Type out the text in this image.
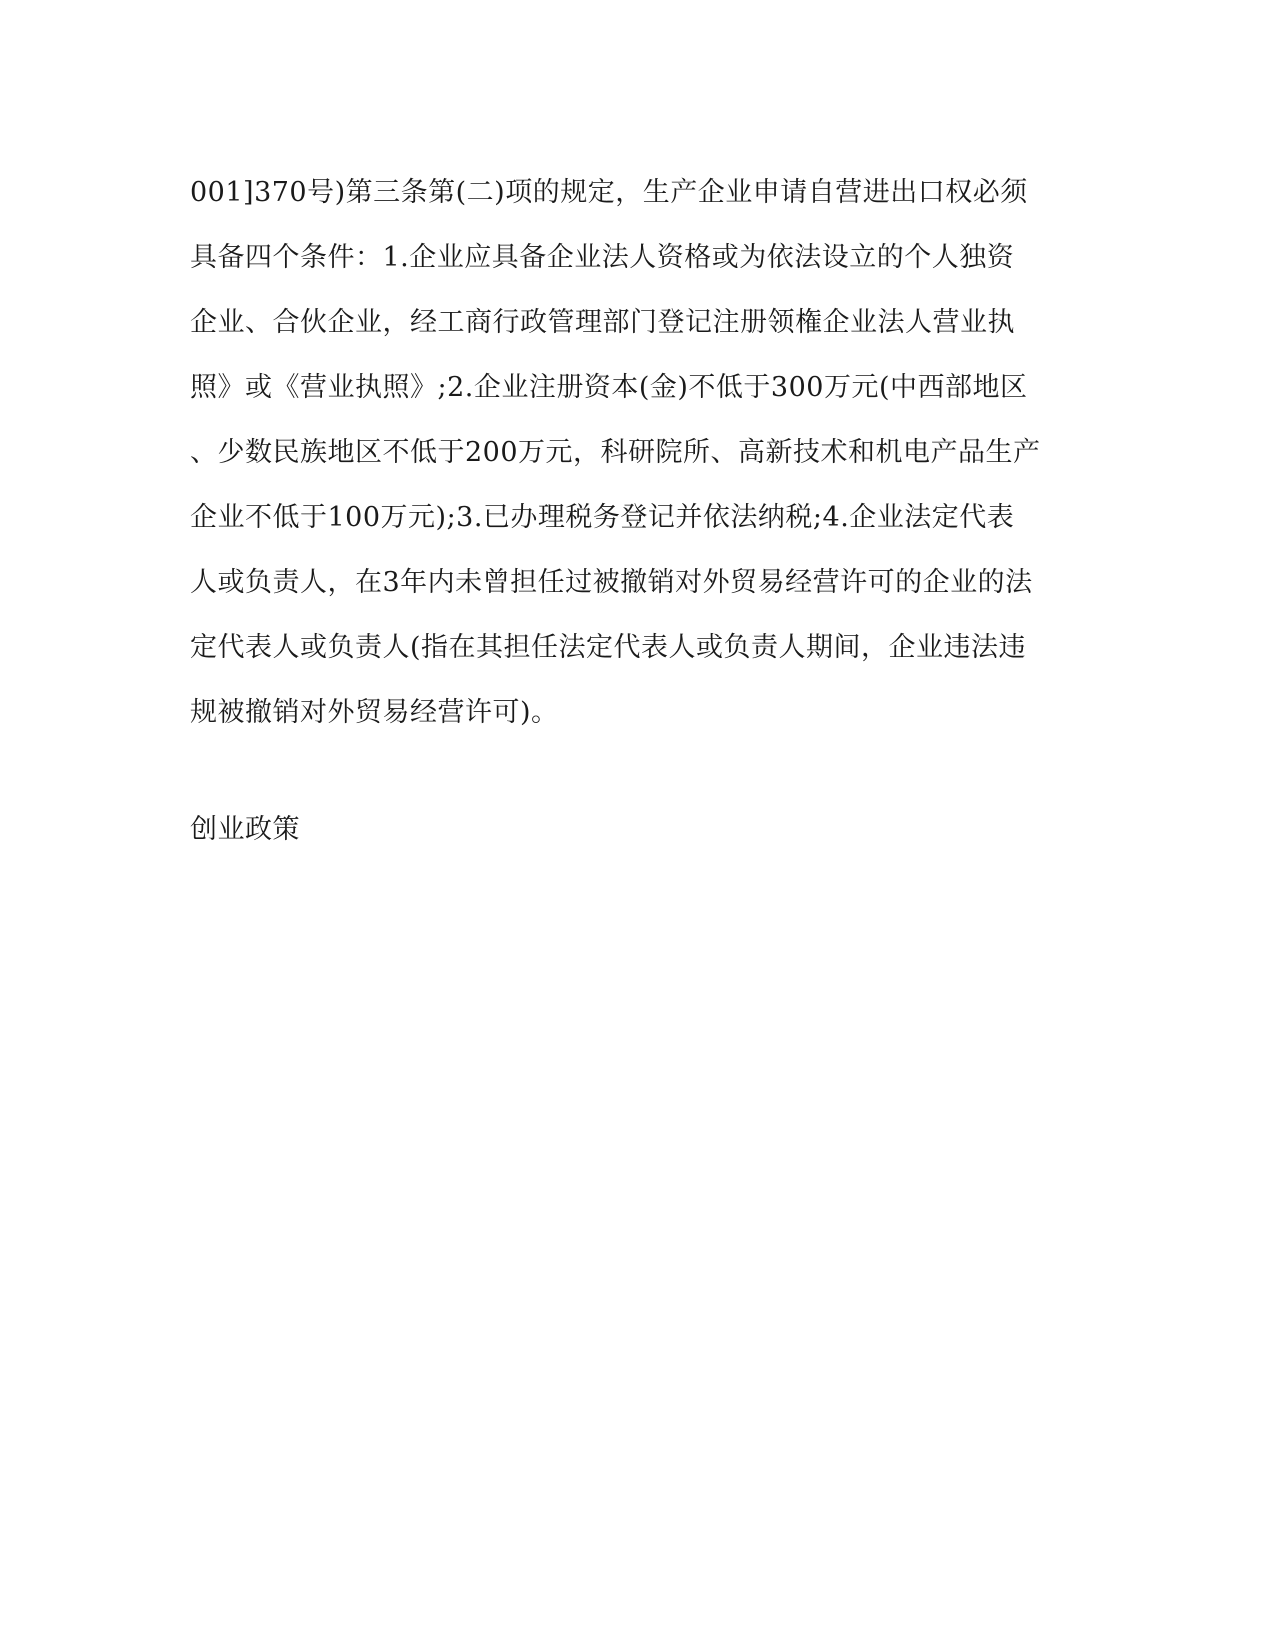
001]370号)第三条第(二)项的规定，生产企业申请自营进出口权必须
具备四个条件：1.企业应具备企业法人资格或为依法设立的个人独资
企业、合伙企业，经工商行政管理部门登记注册领権企业法人营业执
照》或《营业执照》;2.企业注册资本(金)不低于300万元(中西部地区
、少数民族地区不低于200万元，科研院所、高新技术和机电产品生产
企业不低于100万元);3.已办理税务登记并依法纳税;4.企业法定代表
人或负责人，在3年内未曾担任过被撤销对外贸易经营许可的企业的法
定代表人或负责人(指在其担任法定代表人或负责人期间，企业违法违
规被撤销对外贸易经营许可)。
创业政策
